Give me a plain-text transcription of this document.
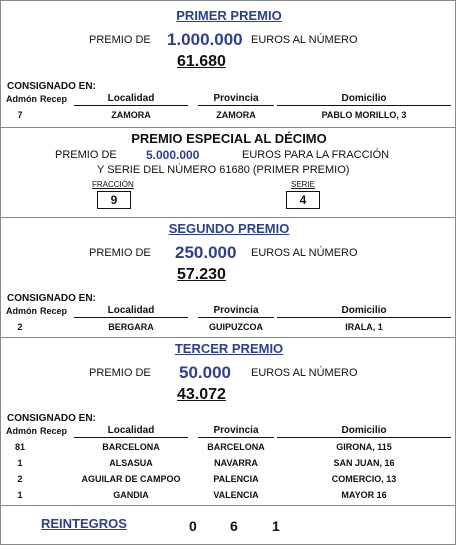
PRIMER PREMIO
PREMIO DE 1.000.000 EUROS AL NÚMERO
61.680
CONSIGNADO EN:
Admón Recep	Localidad	Provincia	Domicilio
7	ZAMORA	ZAMORA	PABLO MORILLO, 3
PREMIO ESPECIAL AL DÉCIMO
PREMIO DE 5.000.000	EUROS PARA LA FRACCIÓN
Y SERIE DEL NÚMERO 61680 (PRIMER PREMIO)
FRACCIÓN
9
SERIE
4
SEGUNDO PREMIO
PREMIO DE 250.000 EUROS AL NÚMERO
57.230
CONSIGNADO EN:
Admón Recep	Localidad	Provincia	Domicilio
2	BERGARA	GUIPUZCOA	IRALA, 1
TERCER PREMIO
PREMIO DE 50.000 EUROS AL NÚMERO
43.072
CONSIGNADO EN:
Admón Recep	Localidad	Provincia	Domicilio
81	BARCELONA	BARCELONA	GIRONA, 115
1	ALSASUA	NAVARRA	SAN JUAN, 16
2	AGUILAR DE CAMPOO	PALENCIA	COMERCIO, 13
1	GANDIA	VALENCIA	MAYOR 16
REINTEGROS	0 6 1
